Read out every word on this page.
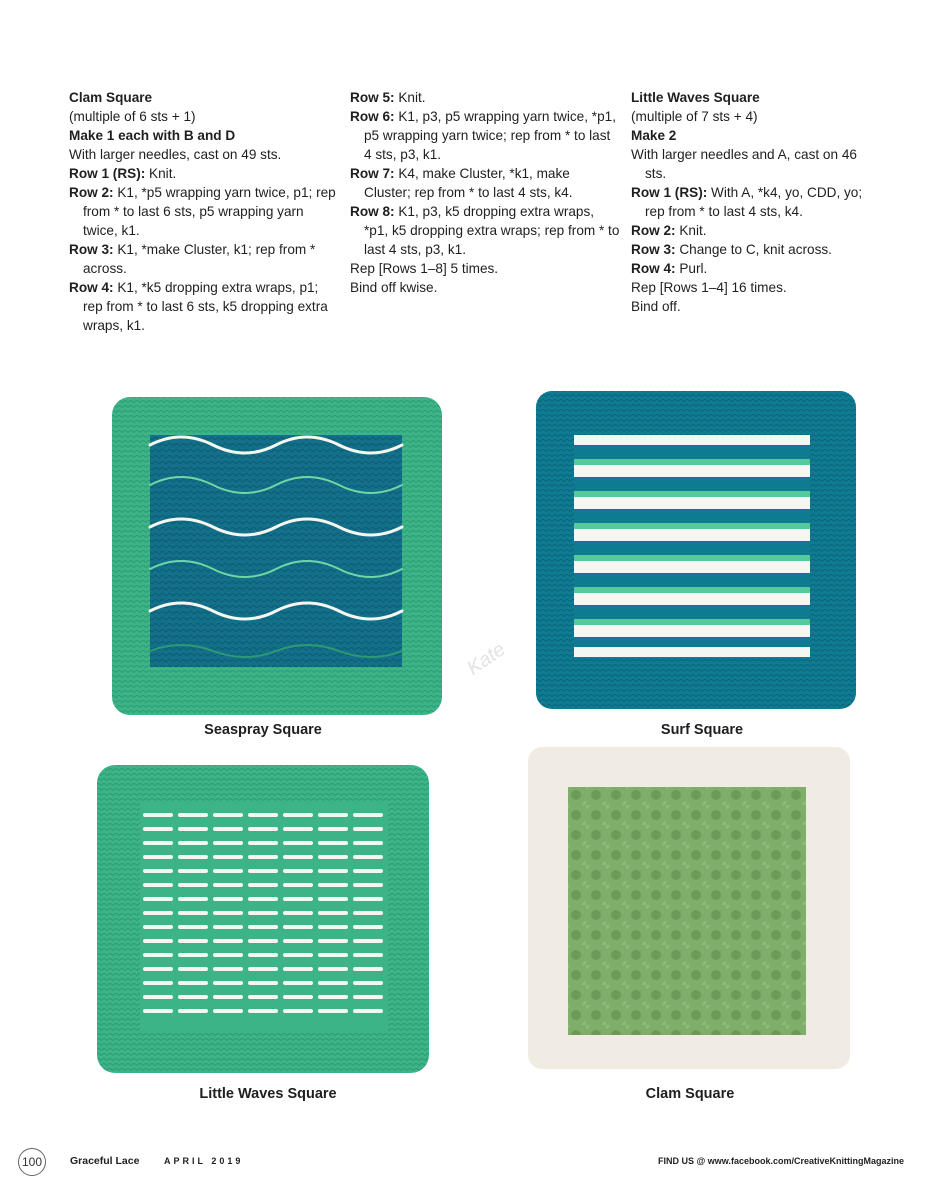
Clam Square
(multiple of 6 sts + 1)
Make 1 each with B and D
With larger needles, cast on 49 sts.

Row 1 (RS): Knit.

Row 2: K1, *p5 wrapping yarn twice, p1; rep from * to last 6 sts, p5 wrapping yarn twice, k1.

Row 3: K1, *make Cluster, k1; rep from * across.

Row 4: K1, *k5 dropping extra wraps, p1; rep from * to last 6 sts, k5 dropping extra wraps, k1.

Row 5: Knit.

Row 6: K1, p3, p5 wrapping yarn twice, *p1, p5 wrapping yarn twice; rep from * to last 4 sts, p3, k1.

Row 7: K4, make Cluster, *k1, make Cluster; rep from * to last 4 sts, k4.

Row 8: K1, p3, k5 dropping extra wraps, *p1, k5 dropping extra wraps; rep from * to last 4 sts, p3, k1.

Rep [Rows 1–8] 5 times.
Bind off kwise.
Little Waves Square
(multiple of 7 sts + 4)
Make 2

With larger needles and A, cast on 46 sts.

Row 1 (RS): With A, *k4, yo, CDD, yo; rep from * to last 4 sts, k4.

Row 2: Knit.

Row 3: Change to C, knit across.

Row 4: Purl.

Rep [Rows 1–4] 16 times.
Bind off.
Seaspray Square	Surf Square
Little Waves Square	Clam Square
Kate
100	Graceful Lace	APRIL 2019	FIND US @ www.facebook.com/CreativeKnittingMagazine
